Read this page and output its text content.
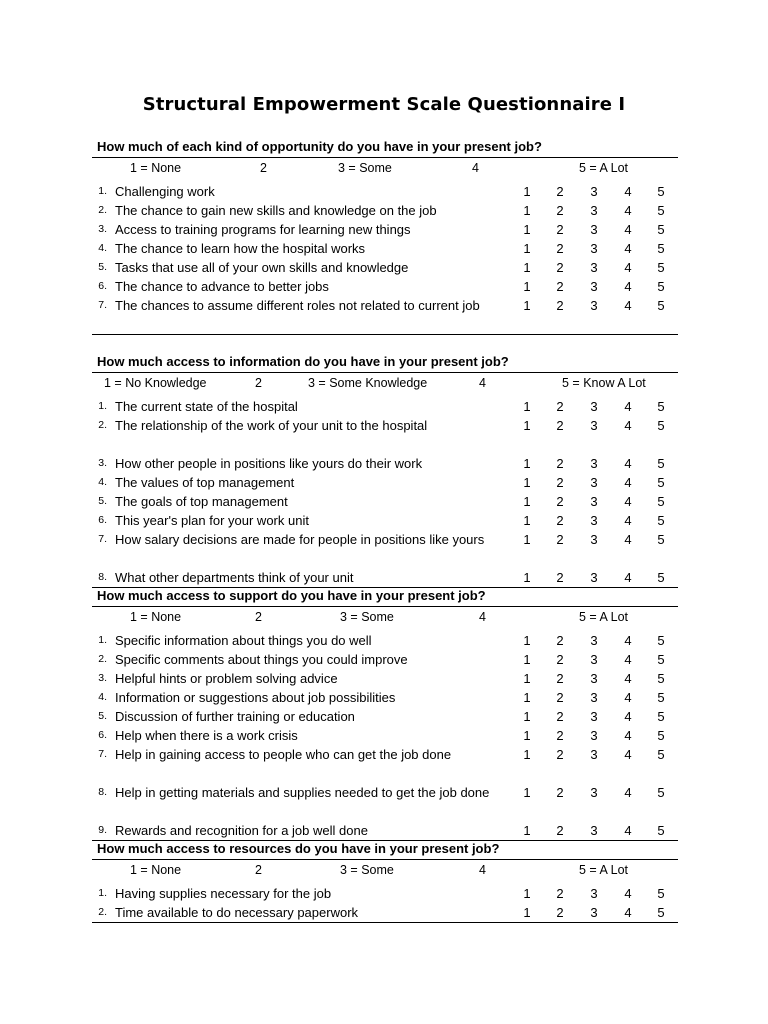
Structural Empowerment Scale Questionnaire I
How much of each kind of opportunity do you have in your present job?
1 = None	2	3 = Some	4	5 = A Lot
1. Challenging work	1	2	3	4	5
2. The chance to gain new skills and knowledge on the job	1	2	3	4	5
3. Access to training programs for learning new things	1	2	3	4	5
4. The chance to learn how the hospital works	1	2	3	4	5
5. Tasks that use all of your own skills and knowledge	1	2	3	4	5
6. The chance to advance to better jobs	1	2	3	4	5
7. The chances to assume different roles not related to current job	1	2	3	4	5
How much access to information do you have in your present job?
1 = No Knowledge	2	3 = Some Knowledge	4	5 = Know A Lot
1. The current state of the hospital	1	2	3	4	5
2. The relationship of the work of your unit to the hospital	1	2	3	4	5
3. How other people in positions like yours do their work	1	2	3	4	5
4. The values of top management	1	2	3	4	5
5. The goals of top management	1	2	3	4	5
6. This year's plan for your work unit	1	2	3	4	5
7. How salary decisions are made for people in positions like yours	1	2	3	4	5
8. What other departments think of your unit	1	2	3	4	5
How much access to support do you have in your present job?
1 = None	2	3 = Some	4	5 = A Lot
1. Specific information about things you do well	1	2	3	4	5
2. Specific comments about things you could improve	1	2	3	4	5
3. Helpful hints or problem solving advice	1	2	3	4	5
4. Information or suggestions about job possibilities	1	2	3	4	5
5. Discussion of further training or education	1	2	3	4	5
6. Help when there is a work crisis	1	2	3	4	5
7. Help in gaining access to people who can get the job done	1	2	3	4	5
8. Help in getting materials and supplies needed to get the job done	1	2	3	4	5
9. Rewards and recognition for a job well done	1	2	3	4	5
How much access to resources do you have in your present job?
1 = None	2	3 = Some	4	5 = A Lot
1. Having supplies necessary for the job	1	2	3	4	5
2. Time available to do necessary paperwork	1	2	3	4	5
